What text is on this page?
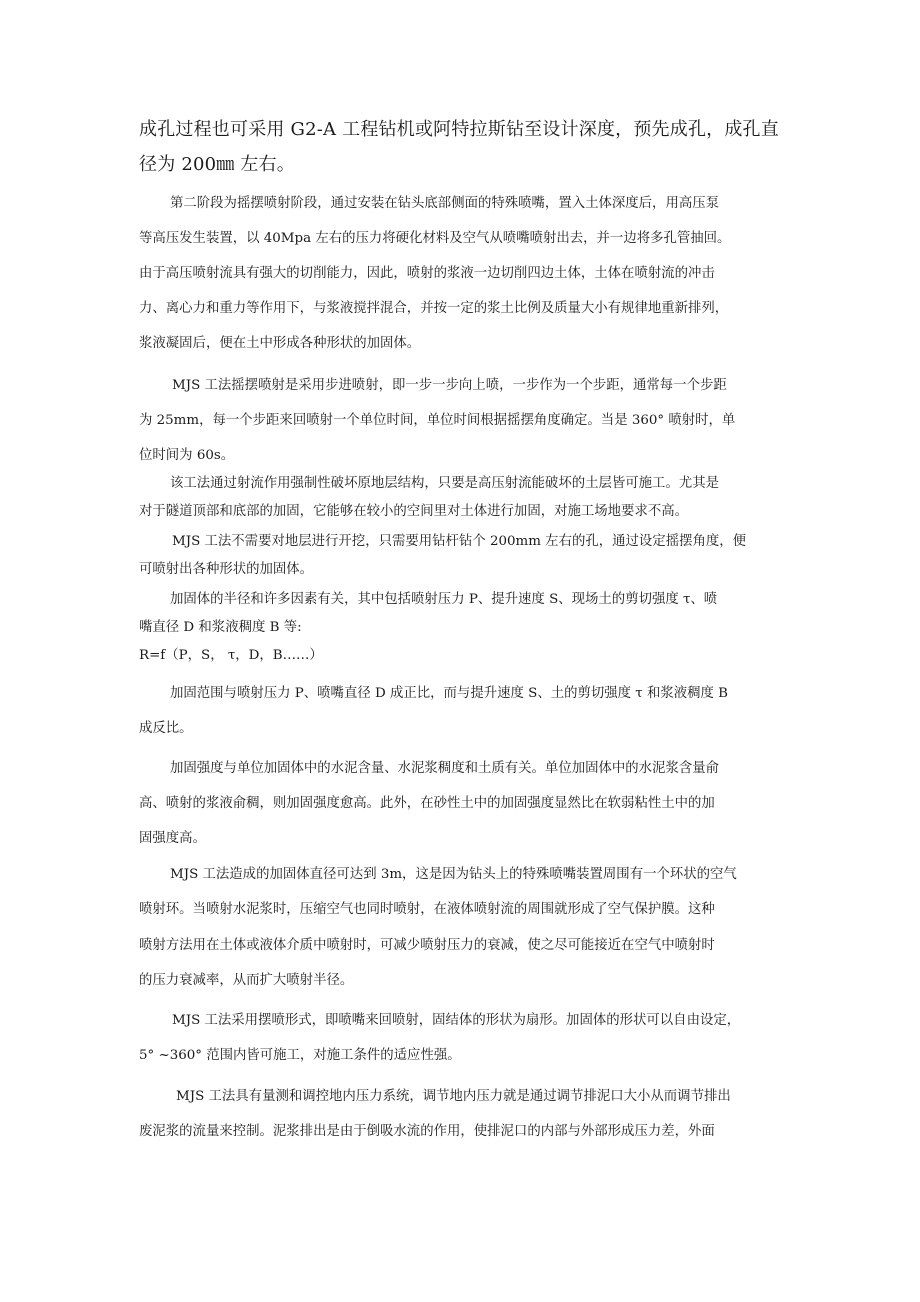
成孔过程也可采用 G2-A 工程钻机或阿特拉斯钻至设计深度，预先成孔，成孔直
径为 200㎜ 左右。
第二阶段为摇摆喷射阶段，通过安装在钻头底部侧面的特殊喷嘴，置入土体深度后，用高压泵
等高压发生装置，以 40Mpa 左右的压力将硬化材料及空气从喷嘴喷射出去，并一边将多孔管抽回。
由于高压喷射流具有强大的切削能力，因此，喷射的浆液一边切削四边土体，土体在喷射流的冲击
力、离心力和重力等作用下，与浆液搅拌混合，并按一定的浆土比例及质量大小有规律地重新排列，
浆液凝固后，便在土中形成各种形状的加固体。
MJS 工法摇摆喷射是采用步进喷射，即一步一步向上喷，一步作为一个步距，通常每一个步距
为 25mm，每一个步距来回喷射一个单位时间，单位时间根据摇摆角度确定。当是 360° 喷射时，单
位时间为 60s。
该工法通过射流作用强制性破坏原地层结构，只要是高压射流能破坏的土层皆可施工。尤其是
对于隧道顶部和底部的加固，它能够在较小的空间里对土体进行加固，对施工场地要求不高。
MJS 工法不需要对地层进行开挖，只需要用钻杆钻个 200mm 左右的孔，通过设定摇摆角度，便
可喷射出各种形状的加固体。
加固体的半径和许多因素有关，其中包括喷射压力 P、提升速度 S、现场土的剪切强度 τ、喷
嘴直径 D 和浆液稠度 B 等:
R=f（P，S， τ，D，B……）
加固范围与喷射压力 P、喷嘴直径 D 成正比，而与提升速度 S、土的剪切强度 τ 和浆液稠度 B
成反比。
加固强度与单位加固体中的水泥含量、水泥浆稠度和土质有关。单位加固体中的水泥浆含量俞
高、喷射的浆液俞稠，则加固强度愈高。此外，在砂性土中的加固强度显然比在软弱粘性土中的加
固强度高。
MJS 工法造成的加固体直径可达到 3m，这是因为钻头上的特殊喷嘴装置周围有一个环状的空气
喷射环。当喷射水泥浆时，压缩空气也同时喷射，在液体喷射流的周围就形成了空气保护膜。这种
喷射方法用在土体或液体介质中喷射时，可减少喷射压力的衰减，使之尽可能接近在空气中喷射时
的压力衰减率，从而扩大喷射半径。
MJS 工法采用摆喷形式，即喷嘴来回喷射，固结体的形状为扇形。加固体的形状可以自由设定，
5° ~360° 范围内皆可施工，对施工条件的适应性强。
MJS 工法具有量测和调控地内压力系统，调节地内压力就是通过调节排泥口大小从而调节排出
废泥浆的流量来控制。泥浆排出是由于倒吸水流的作用，使排泥口的内部与外部形成压力差，外面
